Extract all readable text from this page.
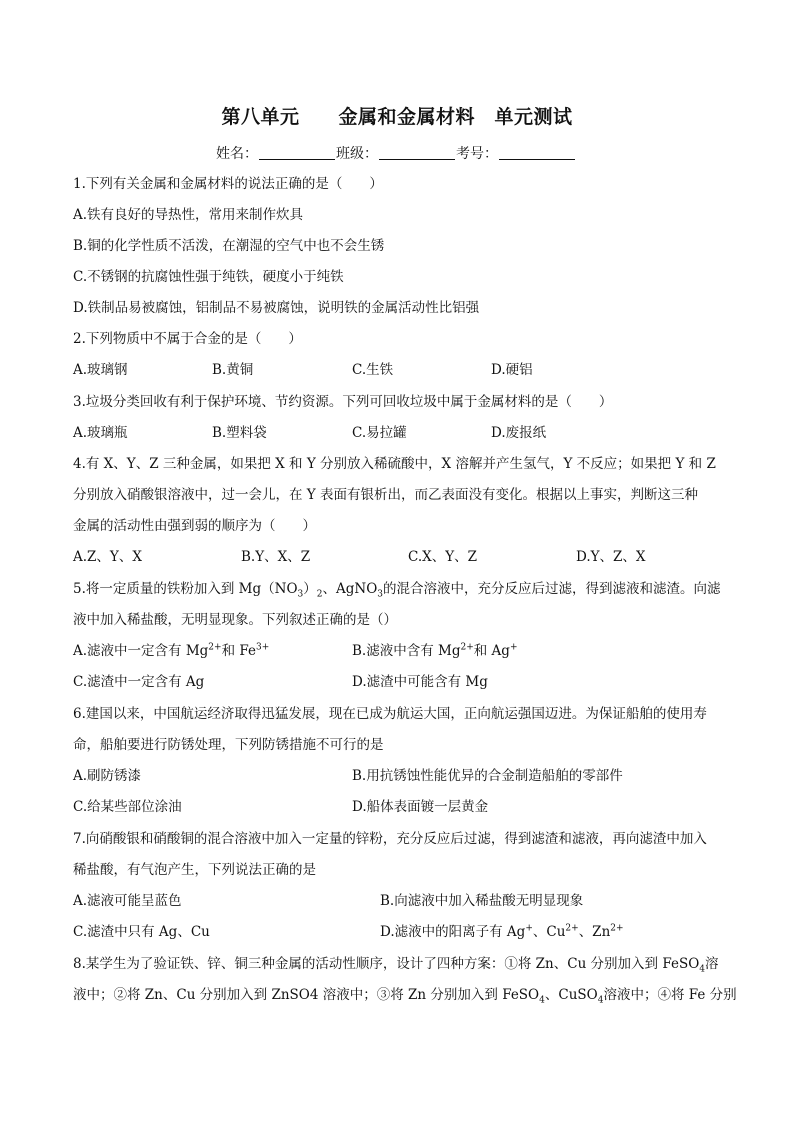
第八单元　　金属和金属材料　单元测试
姓名：	班级：	考号：
1.下列有关金属和金属材料的说法正确的是（　　）
A.铁有良好的导热性，常用来制作炊具
B.铜的化学性质不活泼，在潮湿的空气中也不会生锈
C.不锈钢的抗腐蚀性强于纯铁，硬度小于纯铁
D.铁制品易被腐蚀，铝制品不易被腐蚀，说明铁的金属活动性比铝强
2.下列物质中不属于合金的是（　　）
A.玻璃钢	B.黄铜	C.生铁	D.硬铝
3.垃圾分类回收有利于保护环境、节约资源。下列可回收垃圾中属于金属材料的是（　　）
A.玻璃瓶	B.塑料袋	C.易拉罐	D.废报纸
4.有 X、Y、Z 三种金属，如果把 X 和 Y 分别放入稀硫酸中，X 溶解并产生氢气，Y 不反应；如果把 Y 和 Z
分别放入硝酸银溶液中，过一会儿，在 Y 表面有银析出，而乙表面没有变化。根据以上事实，判断这三种
金属的活动性由强到弱的顺序为（　　）
A.Z、Y、X	B.Y、X、Z	C.X、Y、Z	D.Y、Z、X
5.将一定质量的铁粉加入到 $Mg(NO_3)_2$、AgNO$_3$的混合溶液中，充分反应后过滤，得到滤液和滤渣。向滤
液中加入稀盐酸，无明显现象。下列叙述正确的是（）
A.滤液中一定含有 $Mg^{2+}$和 $Fe^{3+}$	B.滤液中含有 $Mg^{2+}$和 Ag+
C.滤渣中一定含有 Ag	D.滤渣中可能含有 Mg
6.建国以来，中国航运经济取得迅猛发展，现在已成为航运大国，正向航运强国迈进。为保证船舶的使用寿
命，船舶要进行防锈处理，下列防锈措施不可行的是
A.刷防锈漆	B.用抗锈蚀性能优异的合金制造船舶的零部件
C.给某些部位涂油	D.船体表面镀一层黄金
7.向硝酸银和硝酸铜的混合溶液中加入一定量的锌粉，充分反应后过滤，得到滤渣和滤液，再向滤渣中加入
稀盐酸，有气泡产生，下列说法正确的是
A.滤液可能呈蓝色	B.向滤液中加入稀盐酸无明显现象
C.滤渣中只有 Ag、Cu	D.滤液中的阳离子有 Ag+、$Cu^{2+}$、$Zn^{2+}$
8.某学生为了验证铁、锌、铜三种金属的活动性顺序，设计了四种方案：①将 Zn、Cu 分别加入到 FeSO$_4$溶
液中；②将 Zn、Cu 分别加入到 ZnSO4 溶液中；③将 Zn 分别加入到 FeSO$_4$、CuSO$_4$溶液中；④将 Fe 分别
